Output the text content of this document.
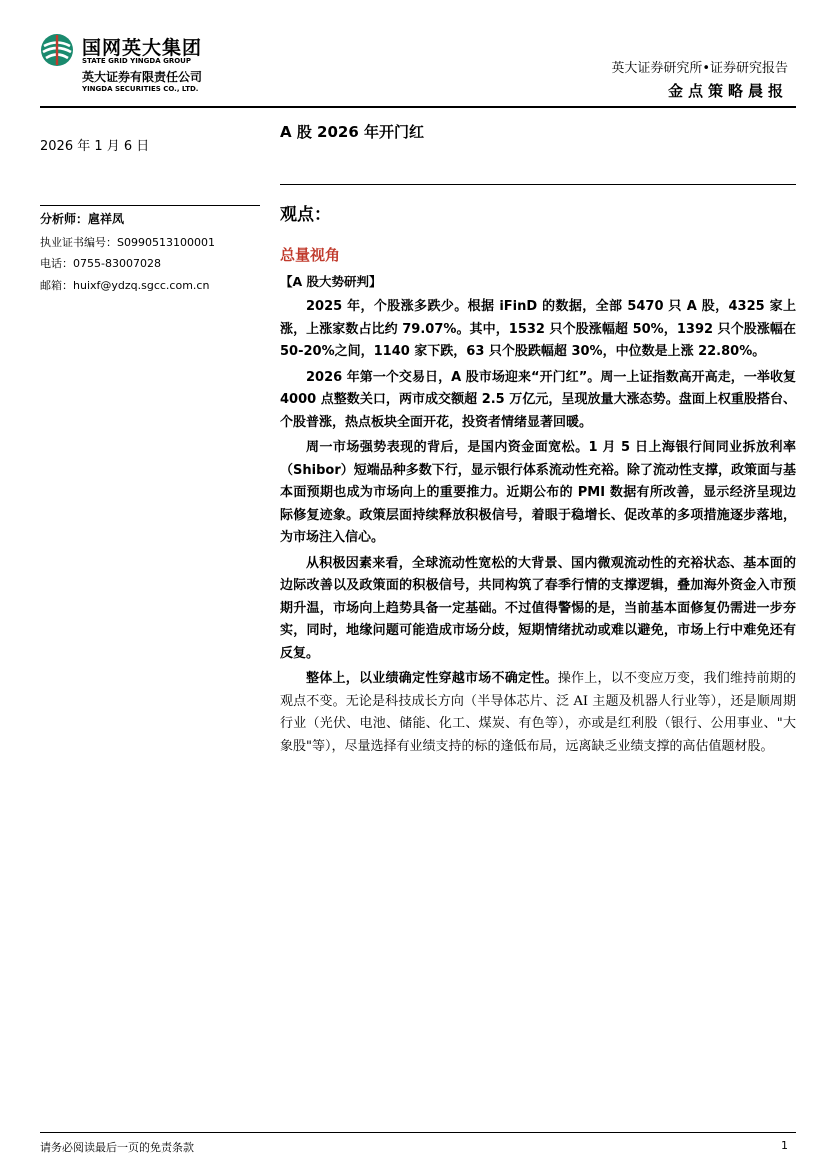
国网英大集团
STATE GRID YINGDA GROUP
英大证券有限责任公司
YINGDA SECURITIES CO., LTD.
英大证券研究所•证券研究报告
金点策略晨报
2026 年 1 月 6 日
A 股 2026 年开门红
分析师：扈祥凤
执业证书编号：S0990513100001
电话：0755-83007028
邮箱：huixf@ydzq.sgcc.com.cn
观点：
总量视角
【A 股大势研判】

2025 年，个股涨多跌少。根据 iFinD 的数据，全部 5470 只 A 股，4325 家上涨，上涨家数占比约 79.07%。其中，1532 只个股涨幅超 50%，1392 只个股涨幅在 50-20%之间，1140 家下跌，63 只个股跌幅超 30%，中位数是上涨 22.80%。

2026 年第一个交易日，A 股市场迎来“开门红”。周一上证指数高开高走，一举收复 4000 点整数关口，两市成交额超 2.5 万亿元，呈现放量大涨态势。盘面上权重股搭台、个股普涨，热点板块全面开花，投资者情绪显著回暖。

周一市场强势表现的背后，是国内资金面宽松。1 月 5 日上海银行间同业拆放利率（Shibor）短端品种多数下行，显示银行体系流动性充裕。除了流动性支撑，政策面与基本面预期也成为市场向上的重要推力。近期公布的 PMI 数据有所改善，显示经济呈现边际修复迹象。政策层面持续释放积极信号，着眼于稳增长、促改革的多项措施逐步落地，为市场注入信心。

从积极因素来看，全球流动性宽松的大背景、国内微观流动性的充裕状态、基本面的边际改善以及政策面的积极信号，共同构筑了春季行情的支撑逻辑，叠加海外资金入市预期升温，市场向上趋势具备一定基础。不过值得警惕的是，当前基本面修复仍需进一步夯实，同时，地缘问题可能造成市场分歧，短期情绪扰动或难以避免，市场上行中难免还有反复。

整体上，以业绩确定性穿越市场不确定性。操作上，以不变应万变，我们维持前期的观点不变。无论是科技成长方向（半导体芯片、泛 AI 主题及机器人行业等），还是顺周期行业（光伏、电池、储能、化工、煤炭、有色等），亦或是红利股（银行、公用事业、"大象股"等），尽量选择有业绩支持的标的逢低布局，远离缺乏业绩支撑的高估值题材股。

请务必阅读最后一页的免责条款	1
